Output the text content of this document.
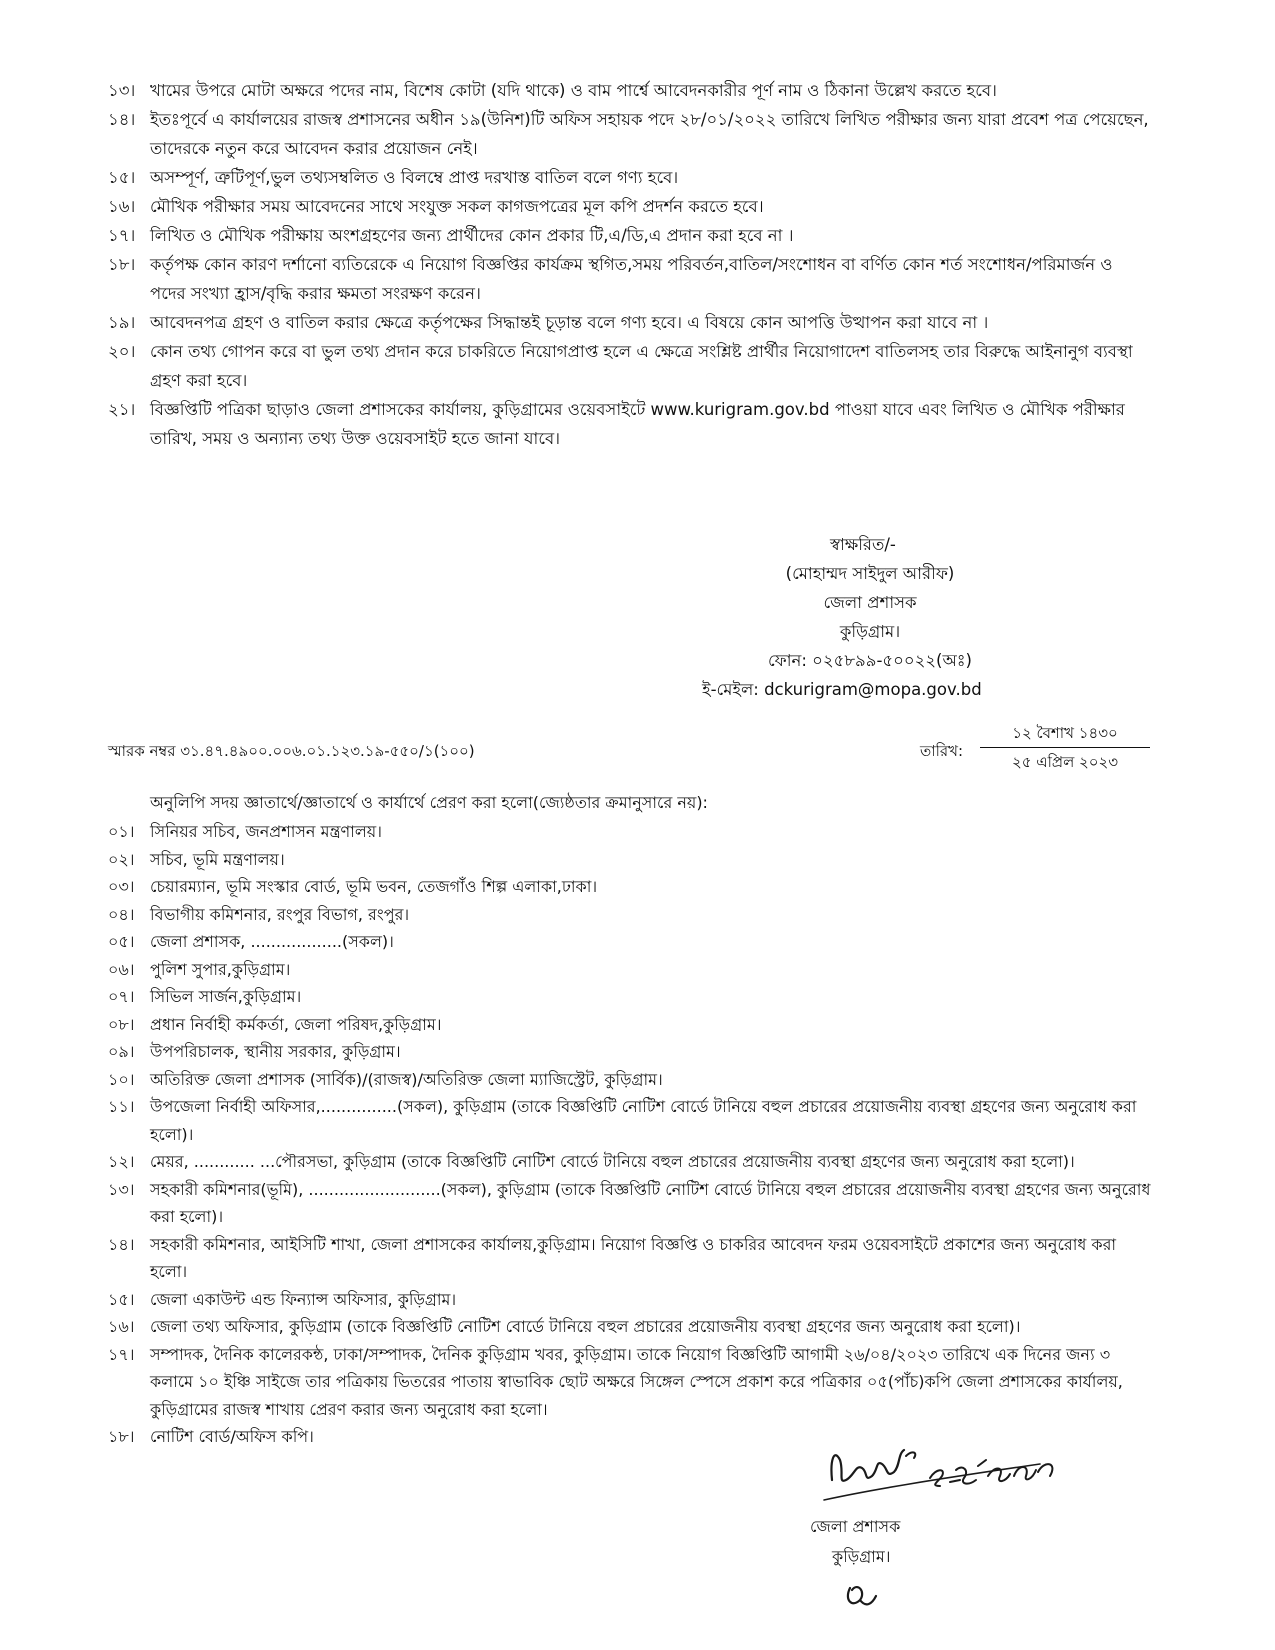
১৩। খামের উপরে মোটা অক্ষরে পদের নাম, বিশেষ কোটা (যদি থাকে) ও বাম পার্শ্বে আবেদনকারীর পূর্ণ নাম ও ঠিকানা উল্লেখ করতে হবে।
১৪। ইতঃপূর্বে এ কার্যালয়ের রাজস্ব প্রশাসনের অধীন ১৯(উনিশ)টি অফিস সহায়ক পদে ২৮/০১/২০২২ তারিখে লিখিত পরীক্ষার জন্য যারা প্রবেশ পত্র পেয়েছেন, তাদেরকে নতুন করে আবেদন করার প্রয়োজন নেই।
১৫। অসম্পূর্ণ, ত্রুটিপূর্ণ,ভুল তথ্যসম্বলিত ও বিলম্বে প্রাপ্ত দরখাস্ত বাতিল বলে গণ্য হবে।
১৬। মৌখিক পরীক্ষার সময় আবেদনের সাথে সংযুক্ত সকল কাগজপত্রের মূল কপি প্রদর্শন করতে হবে।
১৭। লিখিত ও মৌখিক পরীক্ষায় অংশগ্রহণের জন্য প্রার্থীদের কোন প্রকার টি,এ/ডি,এ প্রদান করা হবে না ।
১৮। কর্তৃপক্ষ কোন কারণ দর্শানো ব্যতিরেকে এ নিয়োগ বিজ্ঞপ্তির কার্যক্রম স্থগিত,সময় পরিবর্তন,বাতিল/সংশোধন বা বর্ণিত কোন শর্ত সংশোধন/পরিমার্জন ও পদের সংখ্যা হ্রাস/বৃদ্ধি করার ক্ষমতা সংরক্ষণ করেন।
১৯। আবেদনপত্র গ্রহণ ও বাতিল করার ক্ষেত্রে কর্তৃপক্ষের সিদ্ধান্তই চূড়ান্ত বলে গণ্য হবে। এ বিষয়ে কোন আপত্তি উত্থাপন করা যাবে না ।
২০। কোন তথ্য গোপন করে বা ভুল তথ্য প্রদান করে চাকরিতে নিয়োগপ্রাপ্ত হলে এ ক্ষেত্রে সংশ্লিষ্ট প্রার্থীর নিয়োগাদেশ বাতিলসহ তার বিরুদ্ধে আইনানুগ ব্যবস্থা গ্রহণ করা হবে।
২১। বিজ্ঞপ্তিটি পত্রিকা ছাড়াও জেলা প্রশাসকের কার্যালয়, কুড়িগ্রামের ওয়েবসাইটে www.kurigram.gov.bd পাওয়া যাবে এবং লিখিত ও মৌখিক পরীক্ষার তারিখ, সময় ও অন্যান্য তথ্য উক্ত ওয়েবসাইট হতে জানা যাবে।
স্বাক্ষরিত/-
(মোহাম্মদ সাইদুল আরীফ)
জেলা প্রশাসক
কুড়িগ্রাম।
ফোন: ০২৫৮৯৯-৫০০২২(অঃ)
ই-মেইল: dckurigram@mopa.gov.bd
স্মারক নম্বর ৩১.৪৭.৪৯০০.০০৬.০১.১২৩.১৯-৫৫০/১(১০০)	তারিখ:
১২ বৈশাখ ১৪৩০
২৫ এপ্রিল ২০২৩
অনুলিপি সদয় জ্ঞাতার্থে/জ্ঞাতার্থে ও কার্যার্থে প্রেরণ করা হলো(জ্যেষ্ঠতার ক্রমানুসারে নয়):
০১। সিনিয়র সচিব, জনপ্রশাসন মন্ত্রণালয়।
০২। সচিব, ভূমি মন্ত্রণালয়।
০৩। চেয়ারম্যান, ভূমি সংস্কার বোর্ড, ভূমি ভবন, তেজগাঁও শিল্প এলাকা,ঢাকা।
০৪। বিভাগীয় কমিশনার, রংপুর বিভাগ, রংপুর।
০৫। জেলা প্রশাসক, ..................(সকল)।
০৬। পুলিশ সুপার,কুড়িগ্রাম।
০৭। সিভিল সার্জন,কুড়িগ্রাম।
০৮। প্রধান নির্বাহী কর্মকর্তা, জেলা পরিষদ,কুড়িগ্রাম।
০৯। উপপরিচালক, স্থানীয় সরকার, কুড়িগ্রাম।
১০। অতিরিক্ত জেলা প্রশাসক (সার্বিক)/(রাজস্ব)/অতিরিক্ত জেলা ম্যাজিস্ট্রেট, কুড়িগ্রাম।
১১। উপজেলা নির্বাহী অফিসার,...............(সকল), কুড়িগ্রাম (তাকে বিজ্ঞপ্তিটি নোটিশ বোর্ডে টানিয়ে বহুল প্রচারের প্রয়োজনীয় ব্যবস্থা গ্রহণের জন্য অনুরোধ করা হলো)।
১২। মেয়র, ............ ...পৌরসভা, কুড়িগ্রাম (তাকে বিজ্ঞপ্তিটি নোটিশ বোর্ডে টানিয়ে বহুল প্রচারের প্রয়োজনীয় ব্যবস্থা গ্রহণের জন্য অনুরোধ করা হলো)।
১৩। সহকারী কমিশনার(ভূমি), ..........................(সকল), কুড়িগ্রাম (তাকে বিজ্ঞপ্তিটি নোটিশ বোর্ডে টানিয়ে বহুল প্রচারের প্রয়োজনীয় ব্যবস্থা গ্রহণের জন্য অনুরোধ করা হলো)।
১৪। সহকারী কমিশনার, আইসিটি শাখা, জেলা প্রশাসকের কার্যালয়,কুড়িগ্রাম। নিয়োগ বিজ্ঞপ্তি ও চাকরির আবেদন ফরম ওয়েবসাইটে প্রকাশের জন্য অনুরোধ করা হলো।
১৫। জেলা একাউন্ট এন্ড ফিন্যান্স অফিসার, কুড়িগ্রাম।
১৬। জেলা তথ্য অফিসার, কুড়িগ্রাম (তাকে বিজ্ঞপ্তিটি নোটিশ বোর্ডে টানিয়ে বহুল প্রচারের প্রয়োজনীয় ব্যবস্থা গ্রহণের জন্য অনুরোধ করা হলো)।
১৭। সম্পাদক, দৈনিক কালেরকন্ঠ, ঢাকা/সম্পাদক, দৈনিক কুড়িগ্রাম খবর, কুড়িগ্রাম। তাকে নিয়োগ বিজ্ঞপ্তিটি আগামী ২৬/০৪/২০২৩ তারিখে এক দিনের জন্য ৩ কলামে ১০ ইঞ্চি সাইজে তার পত্রিকায় ভিতরের পাতায় স্বাভাবিক ছোট অক্ষরে সিঙ্গেল স্পেসে প্রকাশ করে পত্রিকার ০৫(পাঁচ)কপি জেলা প্রশাসকের কার্যালয়, কুড়িগ্রামের রাজস্ব শাখায় প্রেরণ করার জন্য অনুরোধ করা হলো।
১৮। নোটিশ বোর্ড/অফিস কপি।
জেলা প্রশাসক
কুড়িগ্রাম।
